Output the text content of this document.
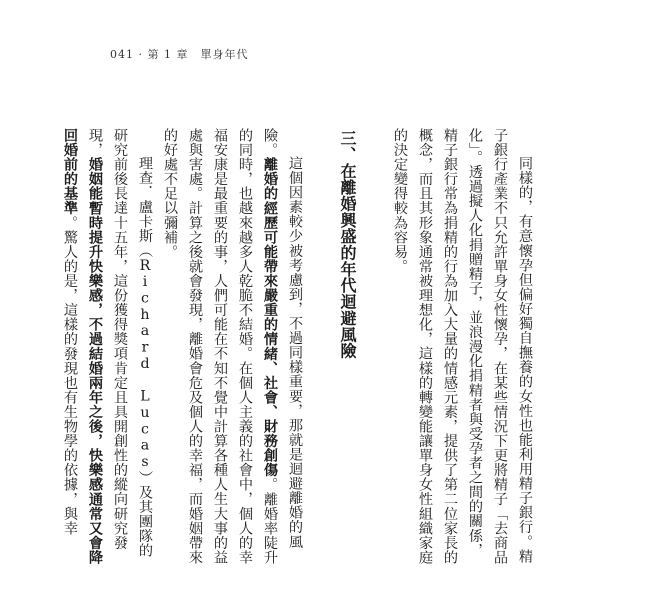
041 · 第 1 章　單身年代

同樣的，有意懷孕但偏好獨自撫養的女性也能利用精子銀行。精子銀行產業不只允許單身女性懷孕，在某些情況下更將精子「去商品化」。透過擬人化捐贈精子，並浪漫化捐精者與受孕者之間的關係，精子銀行常為捐精的行為加入大量的情感元素，提供了第二位家長的概念，而且其形象通常被理想化，這樣的轉變能讓單身女性組織家庭的決定變得較為容易。

三、在離婚興盛的年代迴避風險

這個因素較少被考慮到，不過同樣重要，那就是迴避離婚的風險。離婚的經歷可能帶來嚴重的情緒、社會、財務創傷。離婚率陡升的同時，也越來越多人乾脆不結婚。在個人主義的社會中，個人的幸福安康是最重要的事，人們可能在不知不覺中計算各種人生大事的益處與害處。計算之後就會發現，離婚會危及個人的幸福，而婚姻帶來的好處不足以彌補。

理查．盧卡斯（Richard Lucas）及其團隊的研究前後長達十五年，這份獲得獎項肯定且具開創性的縱向研究發現，婚姻能暫時提升快樂感，不過結婚兩年之後，快樂感通常又會降回婚前的基準。驚人的是，這樣的發現也有生物學的依據，與幸
